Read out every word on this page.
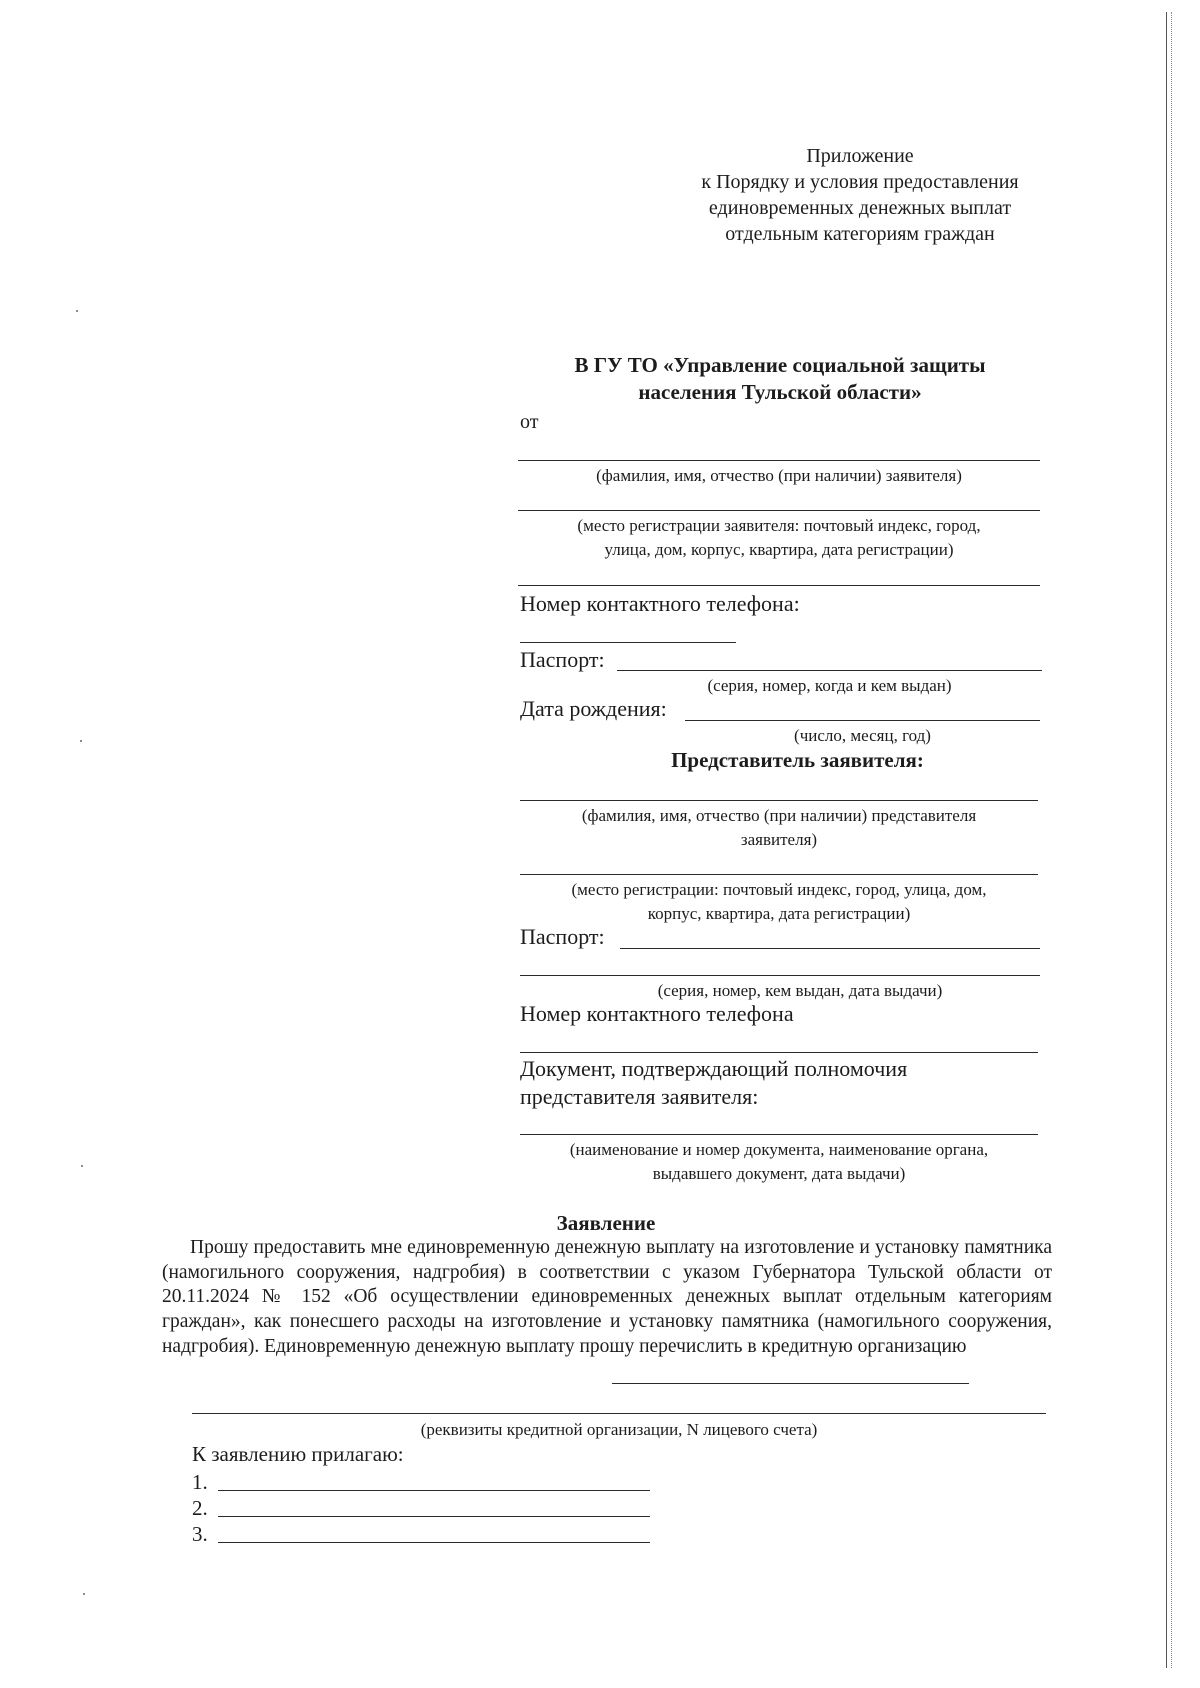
Приложение
к Порядку и условия предоставления
единовременных денежных выплат
отдельным категориям граждан
В ГУ ТО «Управление социальной защиты
населения Тульской области»
от
(фамилия, имя, отчество (при наличии) заявителя)
(место регистрации заявителя: почтовый индекс, город,
улица, дом, корпус, квартира, дата регистрации)
Номер контактного телефона:
Паспорт:
(серия, номер, когда и кем выдан)
Дата рождения:
(число, месяц, год)
Представитель заявителя:
(фамилия, имя, отчество (при наличии) представителя
заявителя)
(место регистрации: почтовый индекс, город, улица, дом,
корпус, квартира, дата регистрации)
Паспорт:
(серия, номер, кем выдан, дата выдачи)
Номер контактного телефона
Документ, подтверждающий полномочия
представителя заявителя:
(наименование и номер документа, наименование органа,
выдавшего документ, дата выдачи)
Заявление
Прошу предоставить мне единовременную денежную выплату на изготовление и установку памятника (намогильного сооружения, надгробия) в соответствии с указом Губернатора Тульской области от 20.11.2024 № 152 «Об осуществлении единовременных денежных выплат отдельным категориям граждан», как понесшего расходы на изготовление и установку памятника (намогильного сооружения, надгробия). Единовременную денежную выплату прошу перечислить в кредитную организацию
(реквизиты кредитной организации, N лицевого счета)
К заявлению прилагаю:
1.
2.
3.
